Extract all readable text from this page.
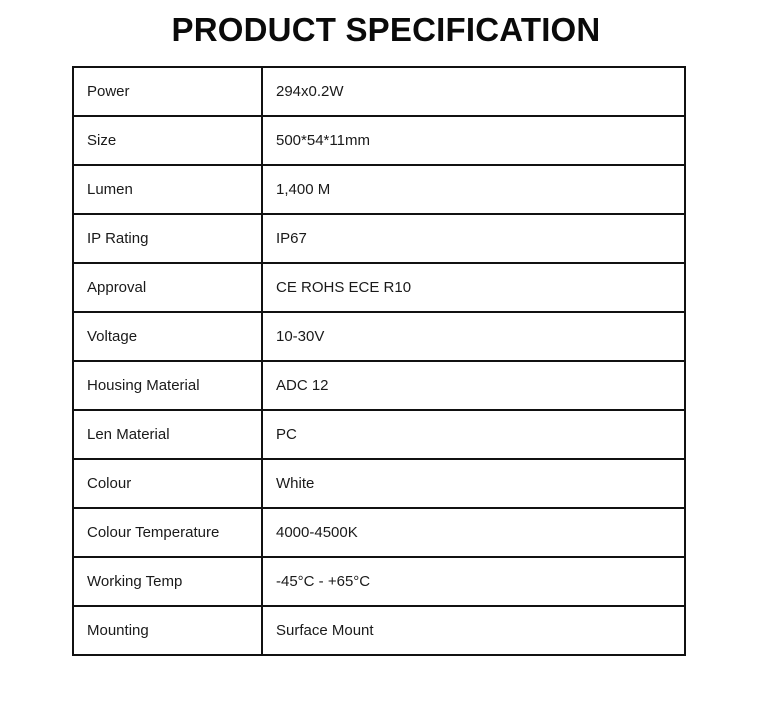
PRODUCT SPECIFICATION
Power	294x0.2W
Size	500*54*11mm
Lumen	1,400 M
IP Rating	IP67
Approval	CE ROHS ECE R10
Voltage	10-30V
Housing Material	ADC 12
Len Material	PC
Colour	White
Colour Temperature	4000-4500K
Working Temp	-45°C - +65°C
Mounting	Surface Mount
